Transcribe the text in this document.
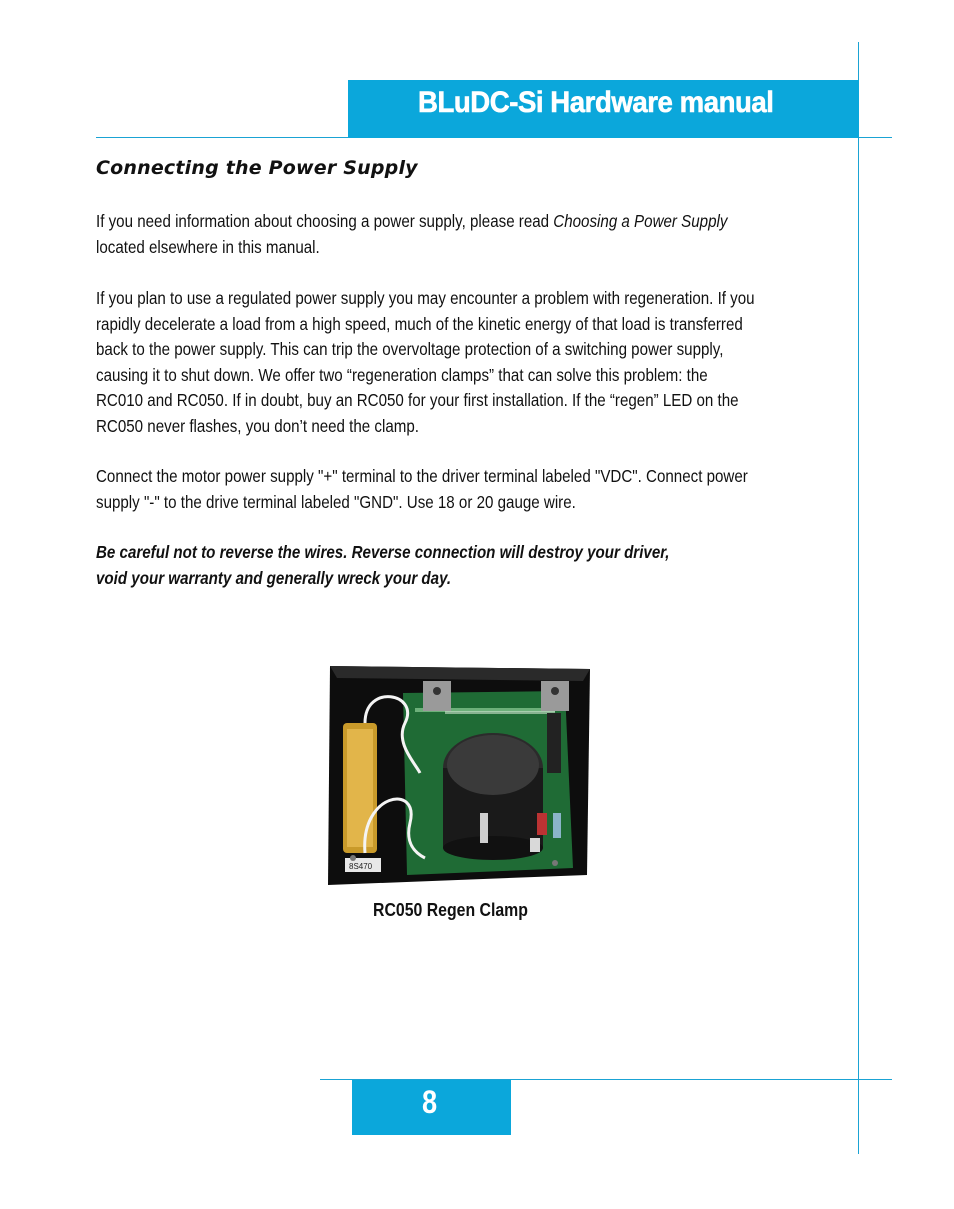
BLuDC-Si Hardware manual
Connecting the Power Supply
If you need information about choosing a power supply, please read Choosing a Power Supply
located elsewhere in this manual.
If you plan to use a regulated power supply you may encounter a problem with regeneration. If you
rapidly decelerate a load from a high speed, much of the kinetic energy of that load is transferred
back to the power supply. This can trip the overvoltage protection of a switching power supply,
causing it to shut down. We offer two “regeneration clamps” that can solve this problem: the
RC010 and RC050. If in doubt, buy an RC050 for your first installation. If the “regen” LED on the
RC050 never flashes, you don’t need the clamp.
Connect the motor power supply "+" terminal to the driver terminal labeled "VDC". Connect power
supply "-" to the drive terminal labeled "GND". Use 18 or 20 gauge wire.
Be careful not to reverse the wires. Reverse connection will destroy your driver,
void your warranty and generally wreck your day.
8S470
RC050 Regen Clamp
8
